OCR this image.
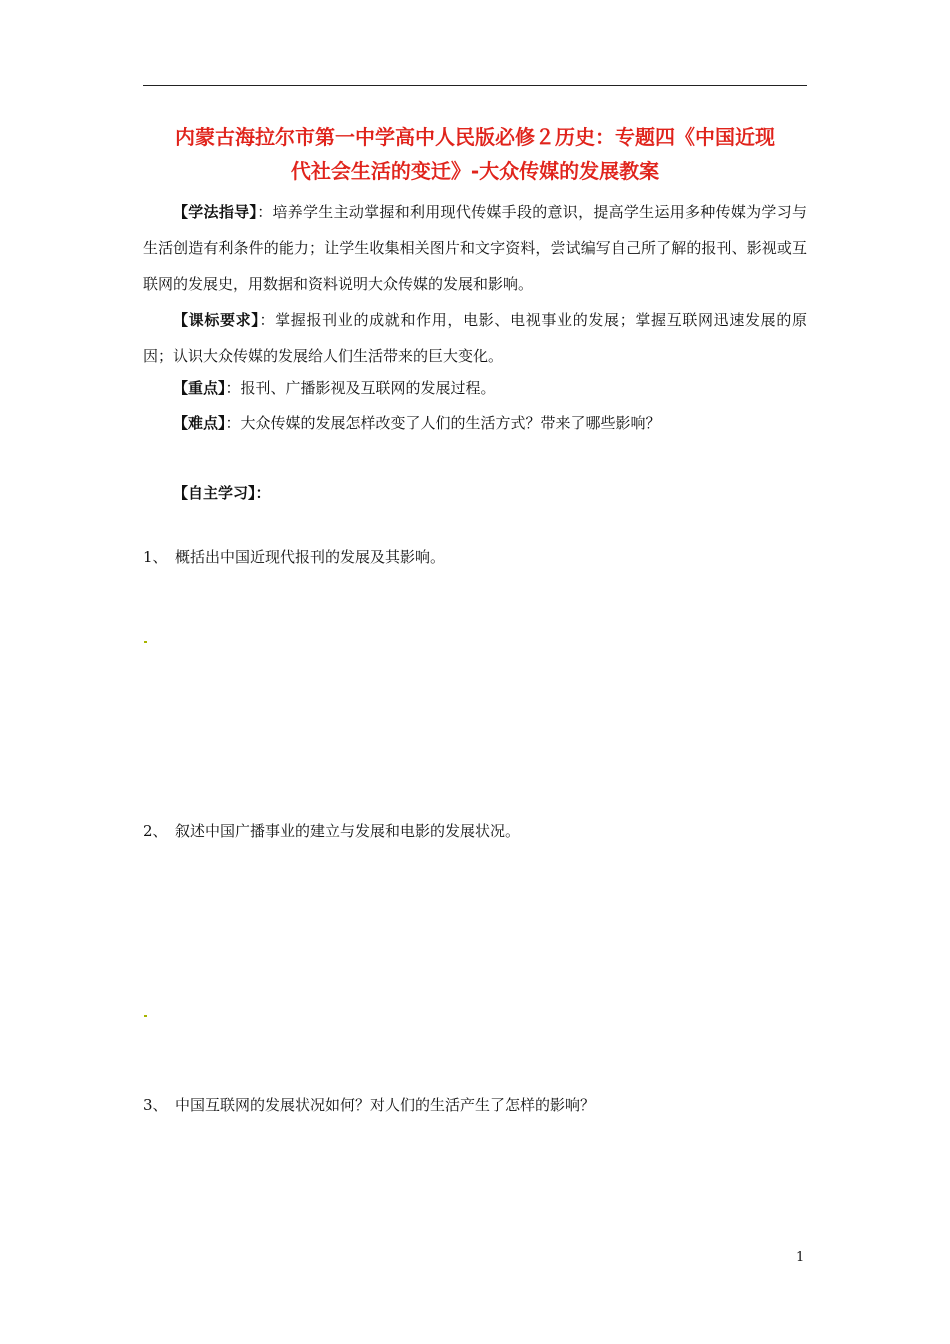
内蒙古海拉尔市第一中学高中人民版必修２历史：专题四《中国近现
代社会生活的变迁》-大众传媒的发展教案
【学法指导】：培养学生主动掌握和利用现代传媒手段的意识，提高学生运用多种传媒为学习与生活创造有利条件的能力；让学生收集相关图片和文字资料，尝试编写自己所了解的报刊、影视或互联网的发展史，用数据和资料说明大众传媒的发展和影响。
【课标要求】：掌握报刊业的成就和作用，电影、电视事业的发展；掌握互联网迅速发展的原因；认识大众传媒的发展给人们生活带来的巨大变化。
【重点】：报刊、广播影视及互联网的发展过程。
【难点】：大众传媒的发展怎样改变了人们的生活方式？带来了哪些影响？
【自主学习】：
1、 概括出中国近现代报刊的发展及其影响。
2、 叙述中国广播事业的建立与发展和电影的发展状况。
3、 中国互联网的发展状况如何？对人们的生活产生了怎样的影响？
1
